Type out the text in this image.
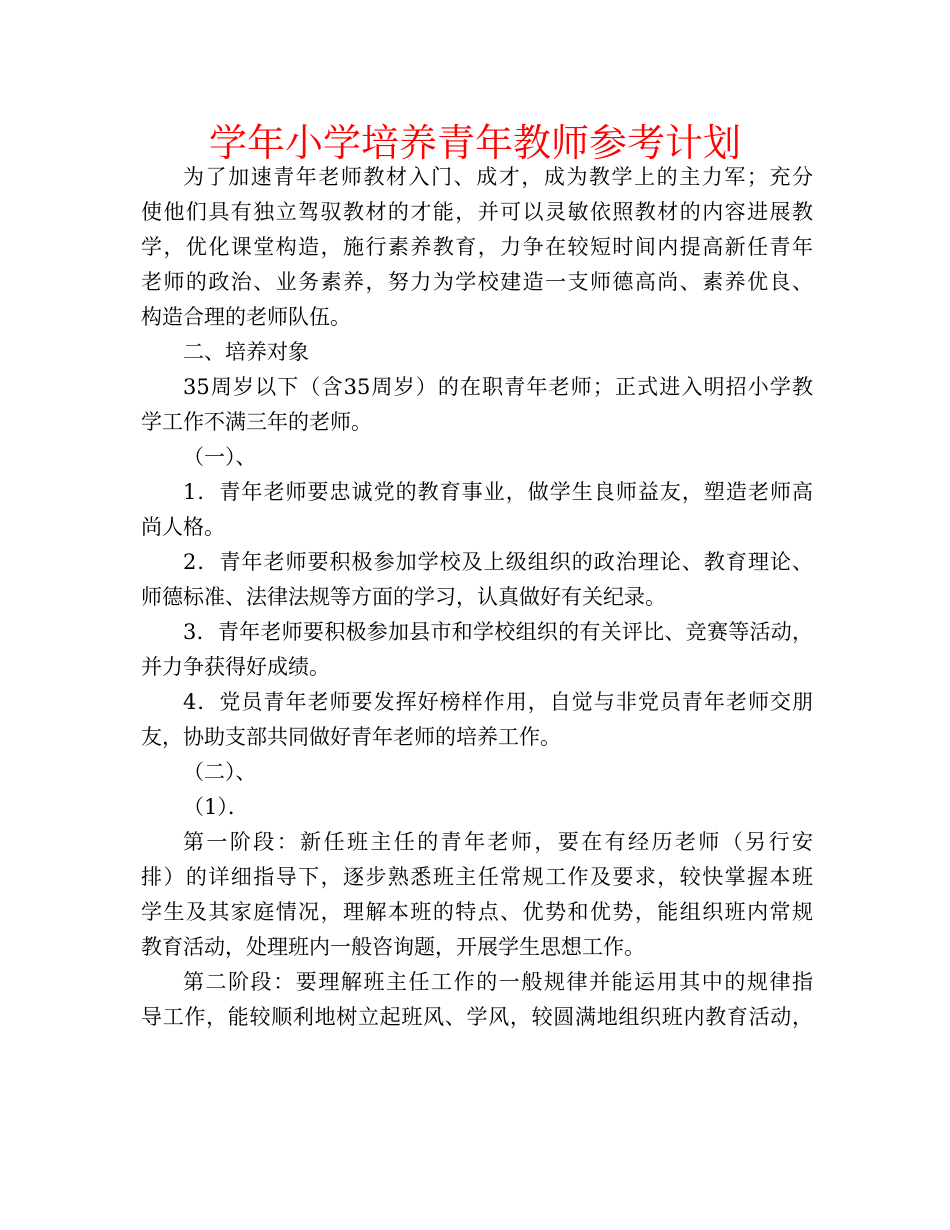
学年小学培养青年教师参考计划
为了加速青年老师教材入门、成才，成为教学上的主力军；充分
使他们具有独立驾驭教材的才能，并可以灵敏依照教材的内容进展教
学，优化课堂构造，施行素养教育，力争在较短时间内提高新任青年
老师的政治、业务素养，努力为学校建造一支师德高尚、素养优良、
构造合理的老师队伍。
二、培养对象
35周岁以下（含35周岁）的在职青年老师；正式进入明招小学教
学工作不满三年的老师。
（一）、
1．青年老师要忠诚党的教育事业，做学生良师益友，塑造老师高
尚人格。
2．青年老师要积极参加学校及上级组织的政治理论、教育理论、
师德标准、法律法规等方面的学习，认真做好有关纪录。
3．青年老师要积极参加县市和学校组织的有关评比、竞赛等活动，
并力争获得好成绩。
4．党员青年老师要发挥好榜样作用，自觉与非党员青年老师交朋
友，协助支部共同做好青年老师的培养工作。
（二）、
（1）．
第一阶段：新任班主任的青年老师，要在有经历老师（另行安
排）的详细指导下，逐步熟悉班主任常规工作及要求，较快掌握本班
学生及其家庭情况，理解本班的特点、优势和优势，能组织班内常规
教育活动，处理班内一般咨询题，开展学生思想工作。
第二阶段：要理解班主任工作的一般规律并能运用其中的规律指
导工作，能较顺利地树立起班风、学风，较圆满地组织班内教育活动，
